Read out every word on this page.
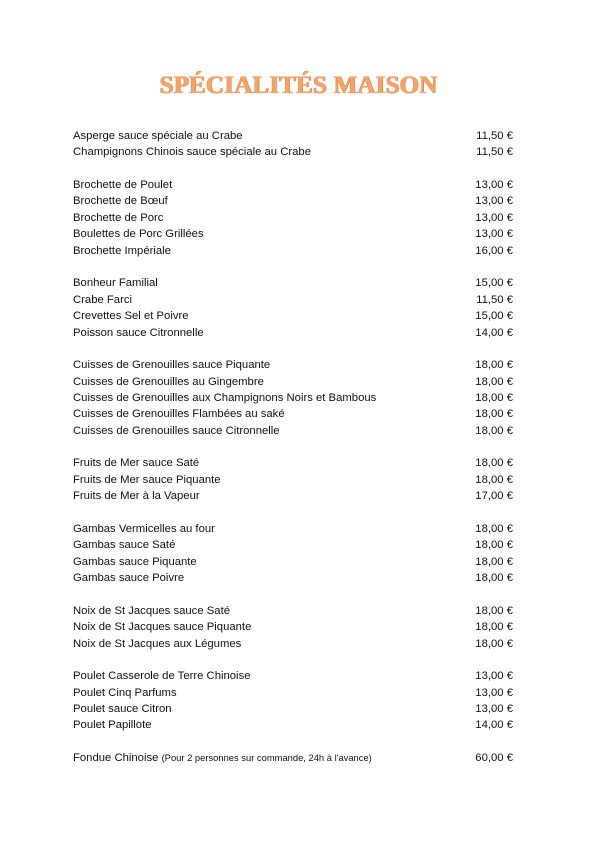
SPÉCIALITÉS MAISON
Asperge sauce spéciale au Crabe	11,50 €
Champignons Chinois sauce spéciale au Crabe	11,50 €
Brochette de Poulet	13,00 €
Brochette de Bœuf	13,00 €
Brochette de Porc	13,00 €
Boulettes de Porc Grillées	13,00 €
Brochette Impériale	16,00 €
Bonheur Familial	15,00 €
Crabe Farci	11,50 €
Crevettes Sel et Poivre	15,00 €
Poisson sauce Citronnelle	14,00 €
Cuisses de Grenouilles sauce Piquante	18,00 €
Cuisses de Grenouilles au Gingembre	18,00 €
Cuisses de Grenouilles aux Champignons Noirs et Bambous	18,00 €
Cuisses de Grenouilles Flambées au saké	18,00 €
Cuisses de Grenouilles sauce Citronnelle	18,00 €
Fruits de Mer sauce Saté	18,00 €
Fruits de Mer sauce Piquante	18,00 €
Fruits de Mer à la Vapeur	17,00 €
Gambas Vermicelles au four	18,00 €
Gambas sauce Saté	18,00 €
Gambas sauce Piquante	18,00 €
Gambas sauce Poivre	18,00 €
Noix de St Jacques sauce Saté	18,00 €
Noix de St Jacques sauce Piquante	18,00 €
Noix de St Jacques aux Légumes	18,00 €
Poulet Casserole de Terre Chinoise	13,00 €
Poulet Cinq Parfums	13,00 €
Poulet sauce Citron	13,00 €
Poulet Papillote	14,00 €
Fondue Chinoise (Pour 2 personnes sur commande, 24h à l'avance)	60,00 €
